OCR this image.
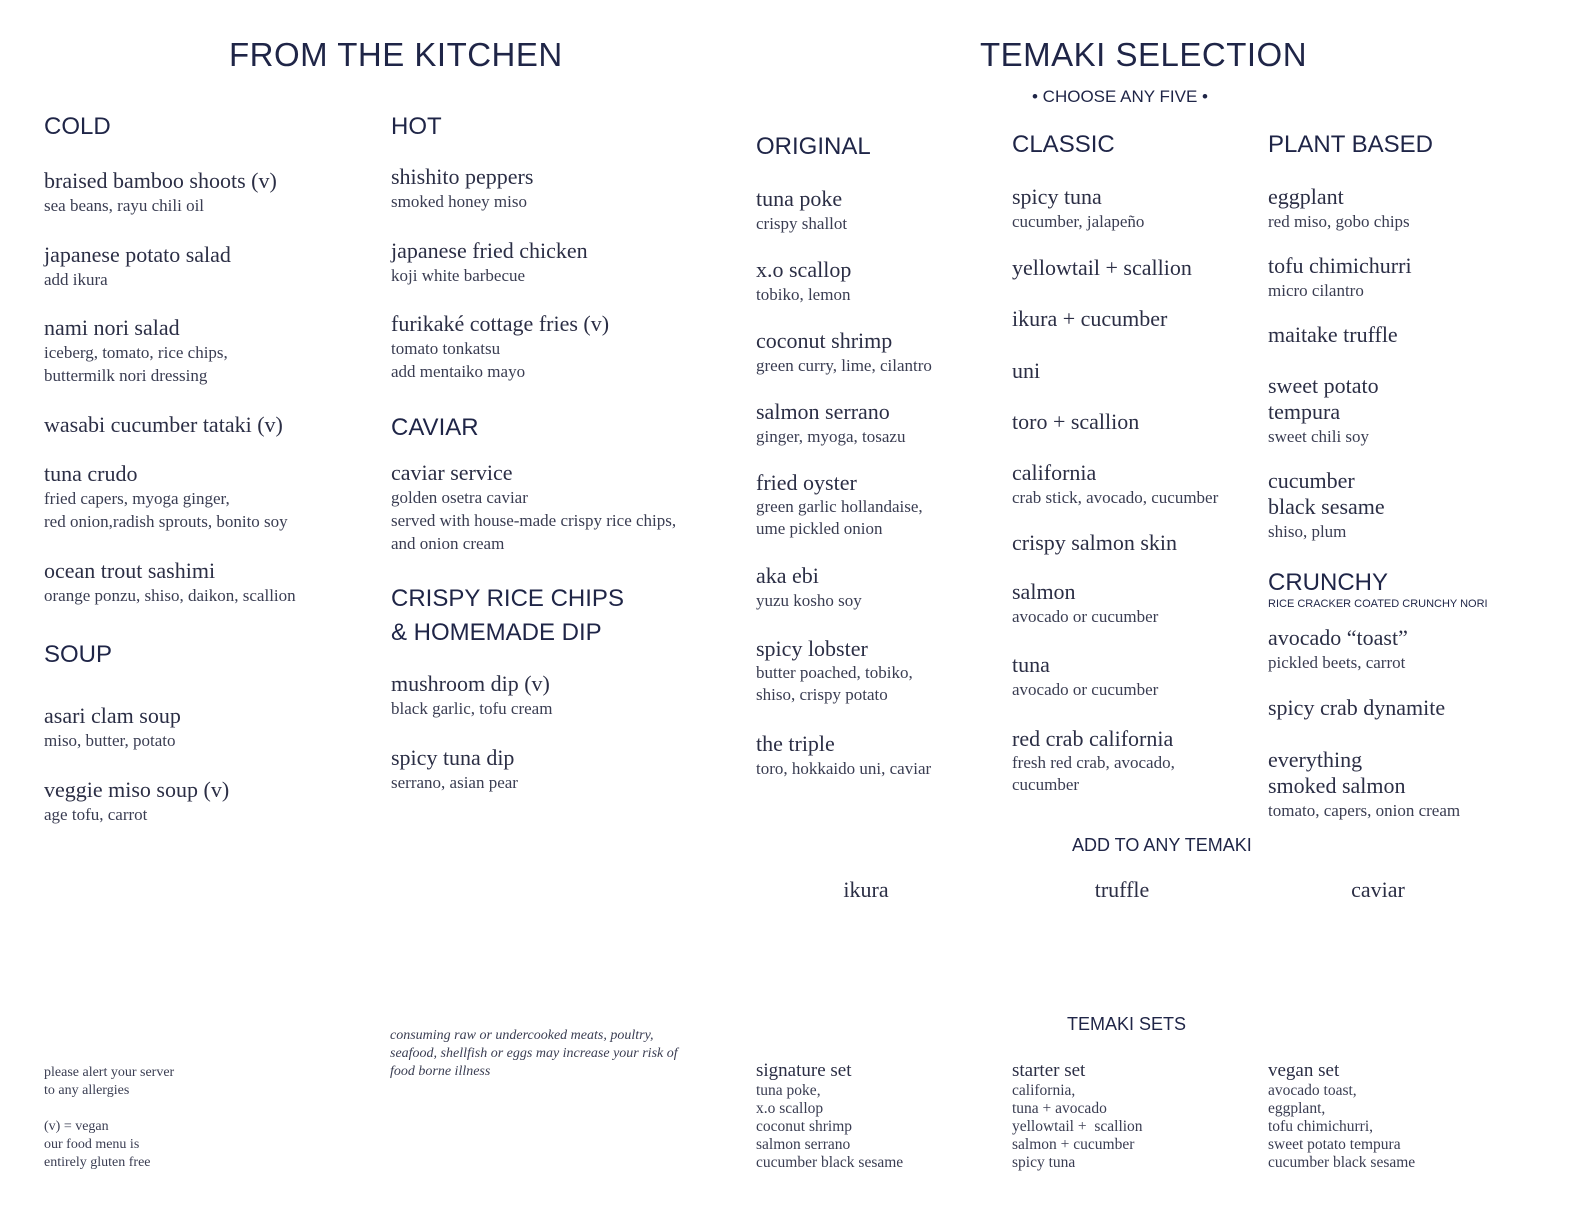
FROM THE KITCHEN
COLD
braised bamboo shoots (v)
sea beans, rayu chili oil
japanese potato salad
add ikura
nami nori salad
iceberg, tomato, rice chips,
buttermilk nori dressing
wasabi cucumber tataki (v)
tuna crudo
fried capers, myoga ginger,
red onion,radish sprouts, bonito soy
ocean trout sashimi
orange ponzu, shiso, daikon, scallion
SOUP
asari clam soup
miso, butter, potato
veggie miso soup (v)
age tofu, carrot
HOT
shishito peppers
smoked honey miso
japanese fried chicken
koji white barbecue
furikaké cottage fries (v)
tomato tonkatsu
add mentaiko mayo
CAVIAR
caviar service
golden osetra caviar
served with house-made crispy rice chips,
and onion cream
CRISPY RICE CHIPS
& HOMEMADE DIP
mushroom dip (v)
black garlic, tofu cream
spicy tuna dip
serrano, asian pear
please alert your server
to any allergies
(v) = vegan
our food menu is
entirely gluten free
consuming raw or undercooked meats, poultry,
seafood, shellfish or eggs may increase your risk of
food borne illness
TEMAKI SELECTION
• CHOOSE ANY FIVE •
ORIGINAL
tuna poke
crispy shallot
x.o scallop
tobiko, lemon
coconut shrimp
green curry, lime, cilantro
salmon serrano
ginger, myoga, tosazu
fried oyster
green garlic hollandaise,
ume pickled onion
aka ebi
yuzu kosho soy
spicy lobster
butter poached, tobiko,
shiso, crispy potato
the triple
toro, hokkaido uni, caviar
CLASSIC
spicy tuna
cucumber, jalapeño
yellowtail + scallion
ikura + cucumber
uni
toro + scallion
california
crab stick, avocado, cucumber
crispy salmon skin
salmon
avocado or cucumber
tuna
avocado or cucumber
red crab california
fresh red crab, avocado,
cucumber
PLANT BASED
eggplant
red miso, gobo chips
tofu chimichurri
micro cilantro
maitake truffle
sweet potato
tempura
sweet chili soy
cucumber
black sesame
shiso, plum
CRUNCHY
RICE CRACKER COATED CRUNCHY NORI
avocado “toast”
pickled beets, carrot
spicy crab dynamite
everything
smoked salmon
tomato, capers, onion cream
ADD TO ANY TEMAKI
ikura	truffle	caviar
TEMAKI SETS
signature set
tuna poke,
x.o scallop
coconut shrimp
salmon serrano
cucumber black sesame
starter set
california,
tuna + avocado
yellowtail +  scallion
salmon + cucumber
spicy tuna
vegan set
avocado toast,
eggplant,
tofu chimichurri,
sweet potato tempura
cucumber black sesame
